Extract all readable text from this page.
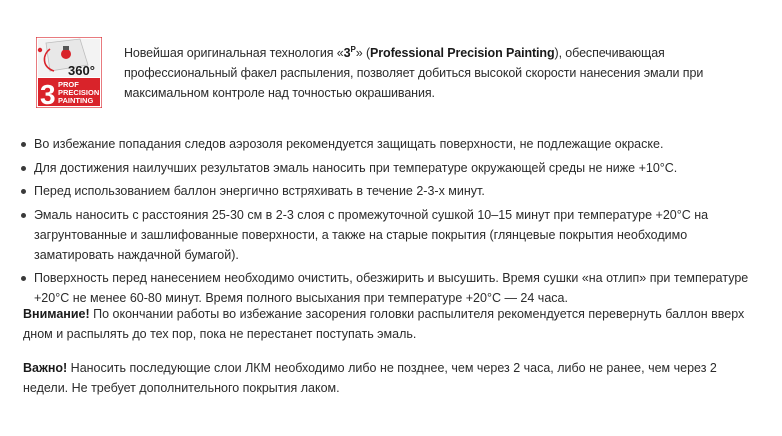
360°
3 PROF
PRECISION
PAINTING
Новейшая оригинальная технология «$3^P$» (Professional Precision Painting), обеспечивающая профессиональный факел распыления, позволяет добиться высокой скорости нанесения эмали при максимальном контроле над точностью окрашивания.
Во избежание попадания следов аэрозоля рекомендуется защищать поверхности, не подлежащие окраске.
Для достижения наилучших результатов эмаль наносить при температуре окружающей среды не ниже +10°С.
Перед использованием баллон энергично встряхивать в течение 2-3-х минут.
Эмаль наносить с расстояния 25-30 см в 2-3 слоя с промежуточной сушкой 10–15 минут при температуре +20°С на загрунтованные и зашлифованные поверхности, а также на старые покрытия (глянцевые покрытия необходимо заматировать наждачной бумагой).
Поверхность перед нанесением необходимо очистить, обезжирить и высушить. Время сушки «на отлип» при температуре +20°С не менее 60-80 минут. Время полного высыхания при температуре +20°С — 24 часа.
Внимание! По окончании работы во избежание засорения головки распылителя рекомендуется перевернуть баллон вверх дном и распылять до тех пор, пока не перестанет поступать эмаль.
Важно! Наносить последующие слои ЛКМ необходимо либо не позднее, чем через 2 часа, либо не ранее, чем через 2 недели. Не требует дополнительного покрытия лаком.
